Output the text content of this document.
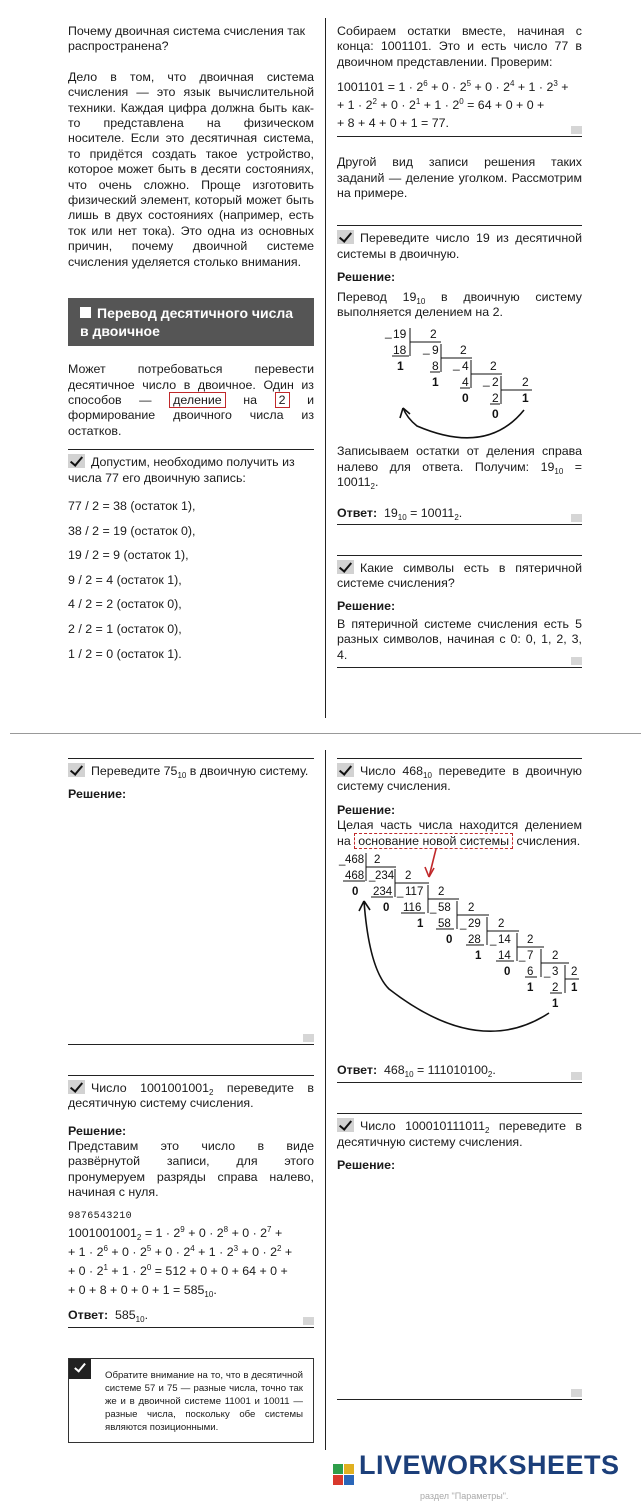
Почему двоичная система счисления так распространена?

Дело в том, что двоичная система счисления — это язык вычислительной техники. Каждая цифра должна быть как-то представлена на физическом носителе. Если это десятичная система, то придётся создать такое устройство, которое может быть в десяти состояниях, что очень сложно. Проще изготовить физический элемент, который может быть лишь в двух состояниях (например, есть ток или нет тока). Это одна из основных причин, почему двоичной системе счисления уделяется столько внимания.

Перевод десятичного числа в двоичное

Может потребоваться перевести десятичное число в двоичное. Один из способов — деление на 2 и формирование двоичного числа из остатков.

Допустим, необходимо получить из числа 77 его двоичную запись:

77 / 2 = 38 (остаток 1),
38 / 2 = 19 (остаток 0),
19 / 2 = 9 (остаток 1),
9 / 2 = 4 (остаток 1),
4 / 2 = 2 (остаток 0),
2 / 2 = 1 (остаток 0),
1 / 2 = 0 (остаток 1).

Собираем остатки вместе, начиная с конца: 1001101. Это и есть число 77 в двоичном представлении. Проверим:

$1001101 = 1 \cdot 2^6 + 0 \cdot 2^5 + 0 \cdot 2^4 + 1 \cdot 2^3$ +
+ $1 \cdot 2^2 + 0 \cdot 2^1 + 1 \cdot 2^0 = 64 + 0 + 0$ +
+ 8 + 4 + 0 + 1 = 77.

Другой вид записи решения таких заданий — деление уголком. Рассмотрим на примере.

Переведите число 19 из десятичной системы в двоичную.

Решение:

Перевод $19_{10}$ в двоичную систему выполняется делением на 2.

19
_
18
1
2
9
_
8
1
2
4
_
4
0
2
2
_
2
0
2
1

Записываем остатки от деления справа налево для ответа. Получим: $19_{10} = 10011_2$.

Ответ:  $19_{10} = 10011_2$.

Какие символы есть в пятеричной системе счисления?

Решение:

В пятеричной системе счисления есть 5 разных символов, начиная с 0: 0, 1, 2, 3, 4.

Переведите $75_{10}$ в двоичную систему.

Решение:

Число $1001001001_2$ переведите в десятичную систему счисления.

Решение:

Представим это число в виде развёрнутой записи, для этого пронумеруем разряды справа налево, начиная с нуля.

9876543210
$1001001001_2 = 1 \cdot 2^9 + 0 \cdot 2^8 + 0 \cdot 2^7$ +
+ $1 \cdot 2^6 + 0 \cdot 2^5 + 0 \cdot 2^4 + 1 \cdot 2^3 + 0 \cdot 2^2$ +
+ $0 \cdot 2^1 + 1 \cdot 2^0 = 512 + 0 + 0 + 64 + 0$ +
+ $0 + 8 + 0 + 0 + 1 = 585_{10}$.
Ответ:  $585_{10}$.

Обратите внимание на то, что в десятичной системе 57 и 75 — разные числа, точно так же и в двоичной системе 11001 и 10011 — разные числа, поскольку обе системы являются позиционными.

Число $468_{10}$ переведите в двоичную систему счисления.

Решение:

Целая часть числа находится делением на основание новой системы счисления.

_ 468
468
0
2
_ 234
234
0
2
_ 117
116
1
2
_ 58
58
0
2
_ 29
28
1
2
_ 14
14
0
2
_ 7
6
1
2
_ 3
2
1
2
1
Ответ:  $468_{10} = 111010100_2$.

Число $100010111011_2$ переведите в десятичную систему счисления.

Решение:
LIVEWORKSHEETS
раздел "Параметры".
